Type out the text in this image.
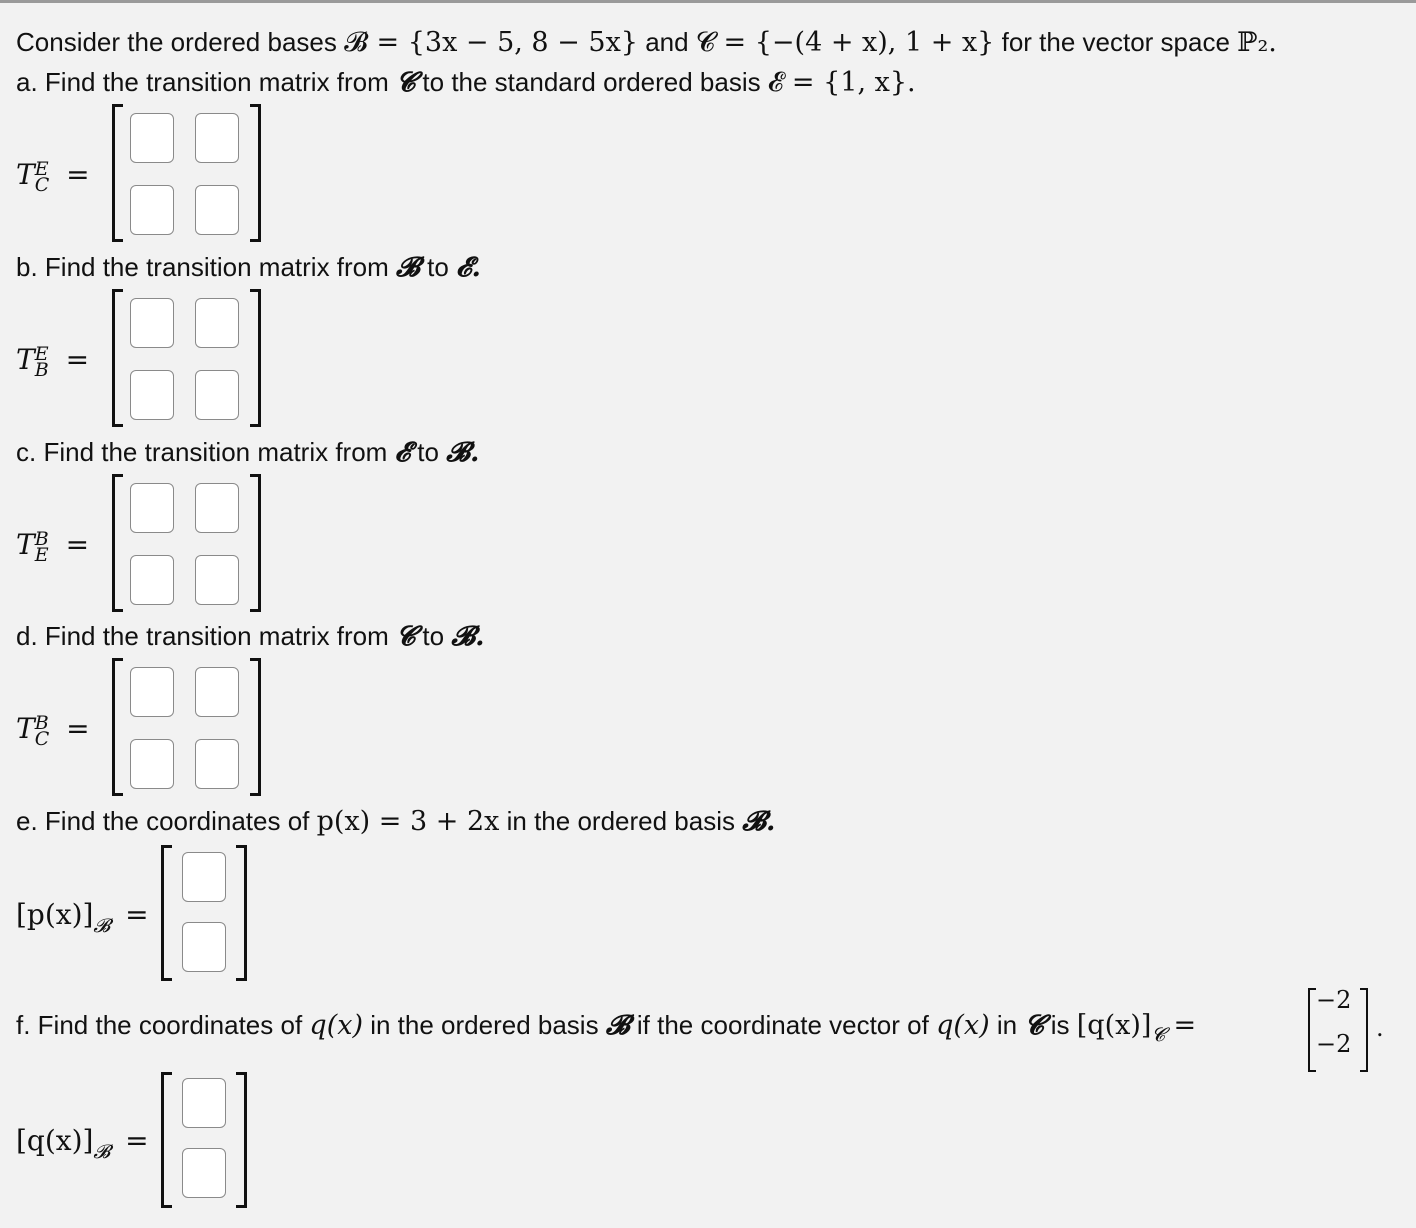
Consider the ordered bases 𝓑 = {3x − 5, 8 − 5x} and 𝓒 = {−(4 + x), 1 + x} for the vector space ℙ₂.
a. Find the transition matrix from 𝓒 to the standard ordered basis 𝓔 = {1, x}.
T E
C =
b. Find the transition matrix from 𝓑 to 𝓔.
T E
B =
c. Find the transition matrix from 𝓔 to 𝓑.
T B
E =
d. Find the transition matrix from 𝓒 to 𝓑.
T B
C =
e. Find the coordinates of p(x) = 3 + 2x in the ordered basis 𝓑.
$[p(x)]_𝓑$ =
f. Find the coordinates of q(x) in the ordered basis 𝓑 if the coordinate vector of q(x) in 𝓒 is $[q(x)]_𝓒$ =
−2
−2
.
$[q(x)]_𝓑$ =
